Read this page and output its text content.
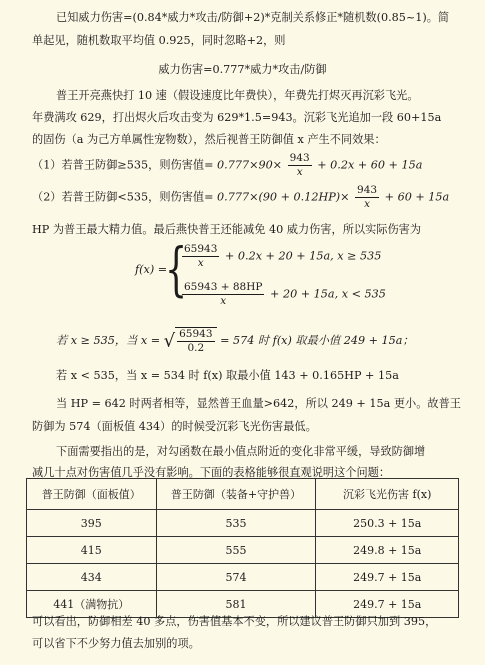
已知威力伤害=(0.84*威力*攻击/防御+2)*克制关系修正*随机数(0.85~1)。简
单起见，随机数取平均值 0.925，同时忽略+2，则
威力伤害=0.777*威力*攻击/防御
普王开亮燕快打 10 速（假设速度比年费快），年费先打烬灭再沉彩飞光。
年费满攻 629，打出烬火后攻击变为 629*1.5=943。沉彩飞光追加一段 60+15a
的固伤（a 为己方单属性宠物数），然后视普王防御值 x 产生不同效果：
（1）若普王防御≥535，则伤害值= $0.777\times 90\times \frac{943}{x} + 0.2x + 60 + 15a$
（2）若普王防御<535，则伤害值= $0.777\times(90 + 0.12HP)\times \frac{943}{x} + 60 + 15a$
HP 为普王最大精力值。最后燕快普王还能减免 40 威力伤害，所以实际伤害为
f(x) =
{
$\frac{65943}{x} + 0.2x + 20 + 15a$, x ≥ 535
$\frac{65943 + 88HP}{x} + 20 + 15a$, x < 535
若 x ≥ 535，当 x = √ $\frac{65943}{0.2} = 574$ 时 f(x) 取最小值 249 + 15a；
若 x < 535，当 x = 534 时 f(x) 取最小值 143 + 0.165HP + 15a
当 HP = 642 时两者相等，显然普王血量>642，所以 249 + 15a 更小。故普王
防御为 574（面板值 434）的时候受沉彩飞光伤害最低。
下面需要指出的是，对勾函数在最小值点附近的变化非常平缓，导致防御增
减几十点对伤害值几乎没有影响。下面的表格能够很直观说明这个问题：
普王防御（面板值）	普王防御（装备+守护兽）	沉彩飞光伤害 f(x)
395	535	250.3 + 15a
415	555	249.8 + 15a
434	574	249.7 + 15a
441（满物抗）	581	249.7 + 15a
可以看出，防御相差 40 多点，伤害值基本不变，所以建议普王防御只加到 395，
可以省下不少努力值去加别的项。
